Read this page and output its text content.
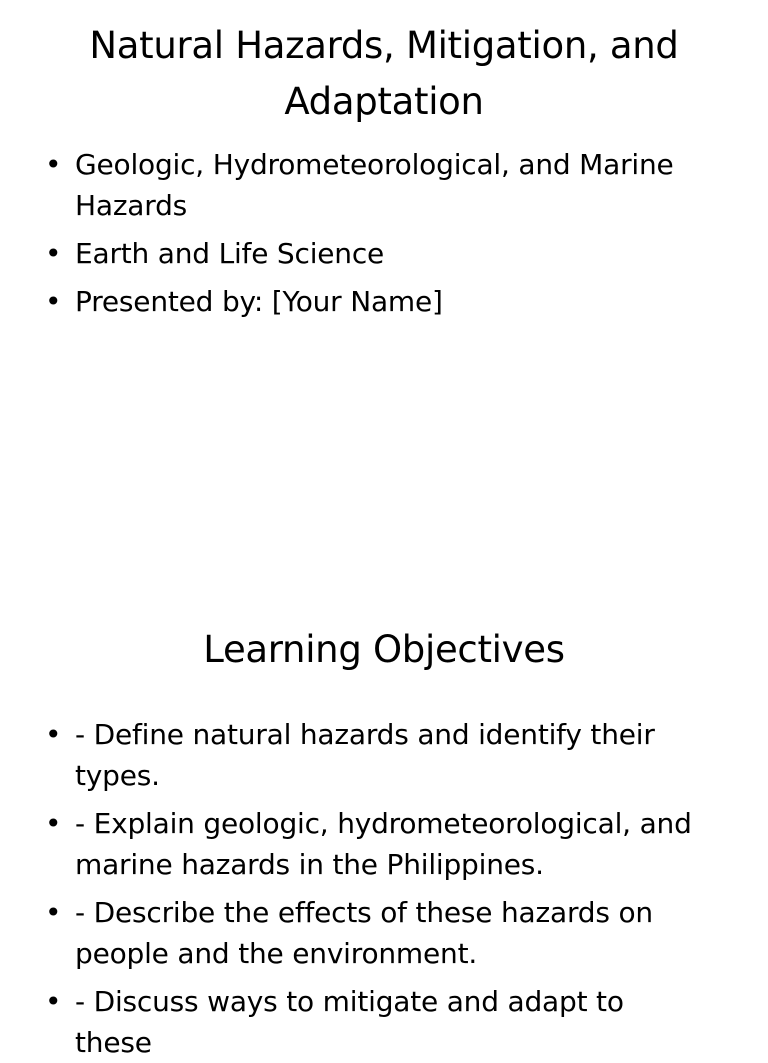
Natural Hazards, Mitigation, and Adaptation
• Geologic, Hydrometeorological, and Marine Hazards
• Earth and Life Science
• Presented by: [Your Name]
Learning Objectives
• - Define natural hazards and identify their types.
• - Explain geologic, hydrometeorological, and marine hazards in the Philippines.
• - Describe the effects of these hazards on people and the environment.
• - Discuss ways to mitigate and adapt to these
